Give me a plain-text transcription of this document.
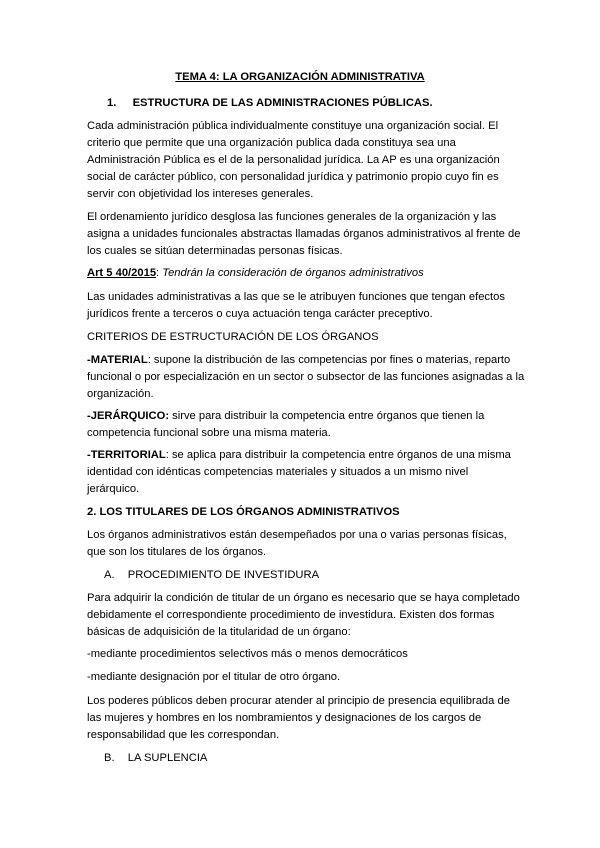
TEMA 4: LA ORGANIZACIÓN ADMINISTRATIVA
1. ESTRUCTURA DE LAS ADMINISTRACIONES PÚBLICAS.
Cada administración pública individualmente constituye una organización social. El
criterio que permite que una organización publica dada constituya sea una
Administración Pública es el de la personalidad jurídica. La AP es una organización
social de carácter público, con personalidad jurídica y patrimonio propio cuyo fin es
servir con objetividad los intereses generales.
El ordenamiento jurídico desglosa las funciones generales de la organización y las
asigna a unidades funcionales abstractas llamadas órganos administrativos al frente de
los cuales se sitúan determinadas personas físicas.
Art 5 40/2015: Tendrán la consideración de órganos administrativos
Las unidades administrativas a las que se le atribuyen funciones que tengan efectos
jurídicos frente a terceros o cuya actuación tenga carácter preceptivo.
CRITERIOS DE ESTRUCTURACIÓN DE LOS ÓRGANOS
-MATERIAL: supone la distribución de las competencias por fines o materias, reparto
funcional o por especialización en un sector o subsector de las funciones asignadas a la
organización.
-JERÁRQUICO: sirve para distribuir la competencia entre órganos que tienen la
competencia funcional sobre una misma materia.
-TERRITORIAL: se aplica para distribuir la competencia entre órganos de una misma
identidad con idénticas competencias materiales y situados a un mismo nivel
jerárquico.
2. LOS TITULARES DE LOS ÓRGANOS ADMINISTRATIVOS
Los órganos administrativos están desempeñados por una o varias personas físicas,
que son los titulares de los órganos.
A. PROCEDIMIENTO DE INVESTIDURA
Para adquirir la condición de titular de un órgano es necesario que se haya completado
debidamente el correspondiente procedimiento de investidura. Existen dos formas
básicas de adquisición de la titularidad de un órgano:
-mediante procedimientos selectivos más o menos democráticos
-mediante designación por el titular de otro órgano.
Los poderes públicos deben procurar atender al principio de presencia equilibrada de
las mujeres y hombres en los nombramientos y designaciones de los cargos de
responsabilidad que les correspondan.
B. LA SUPLENCIA
